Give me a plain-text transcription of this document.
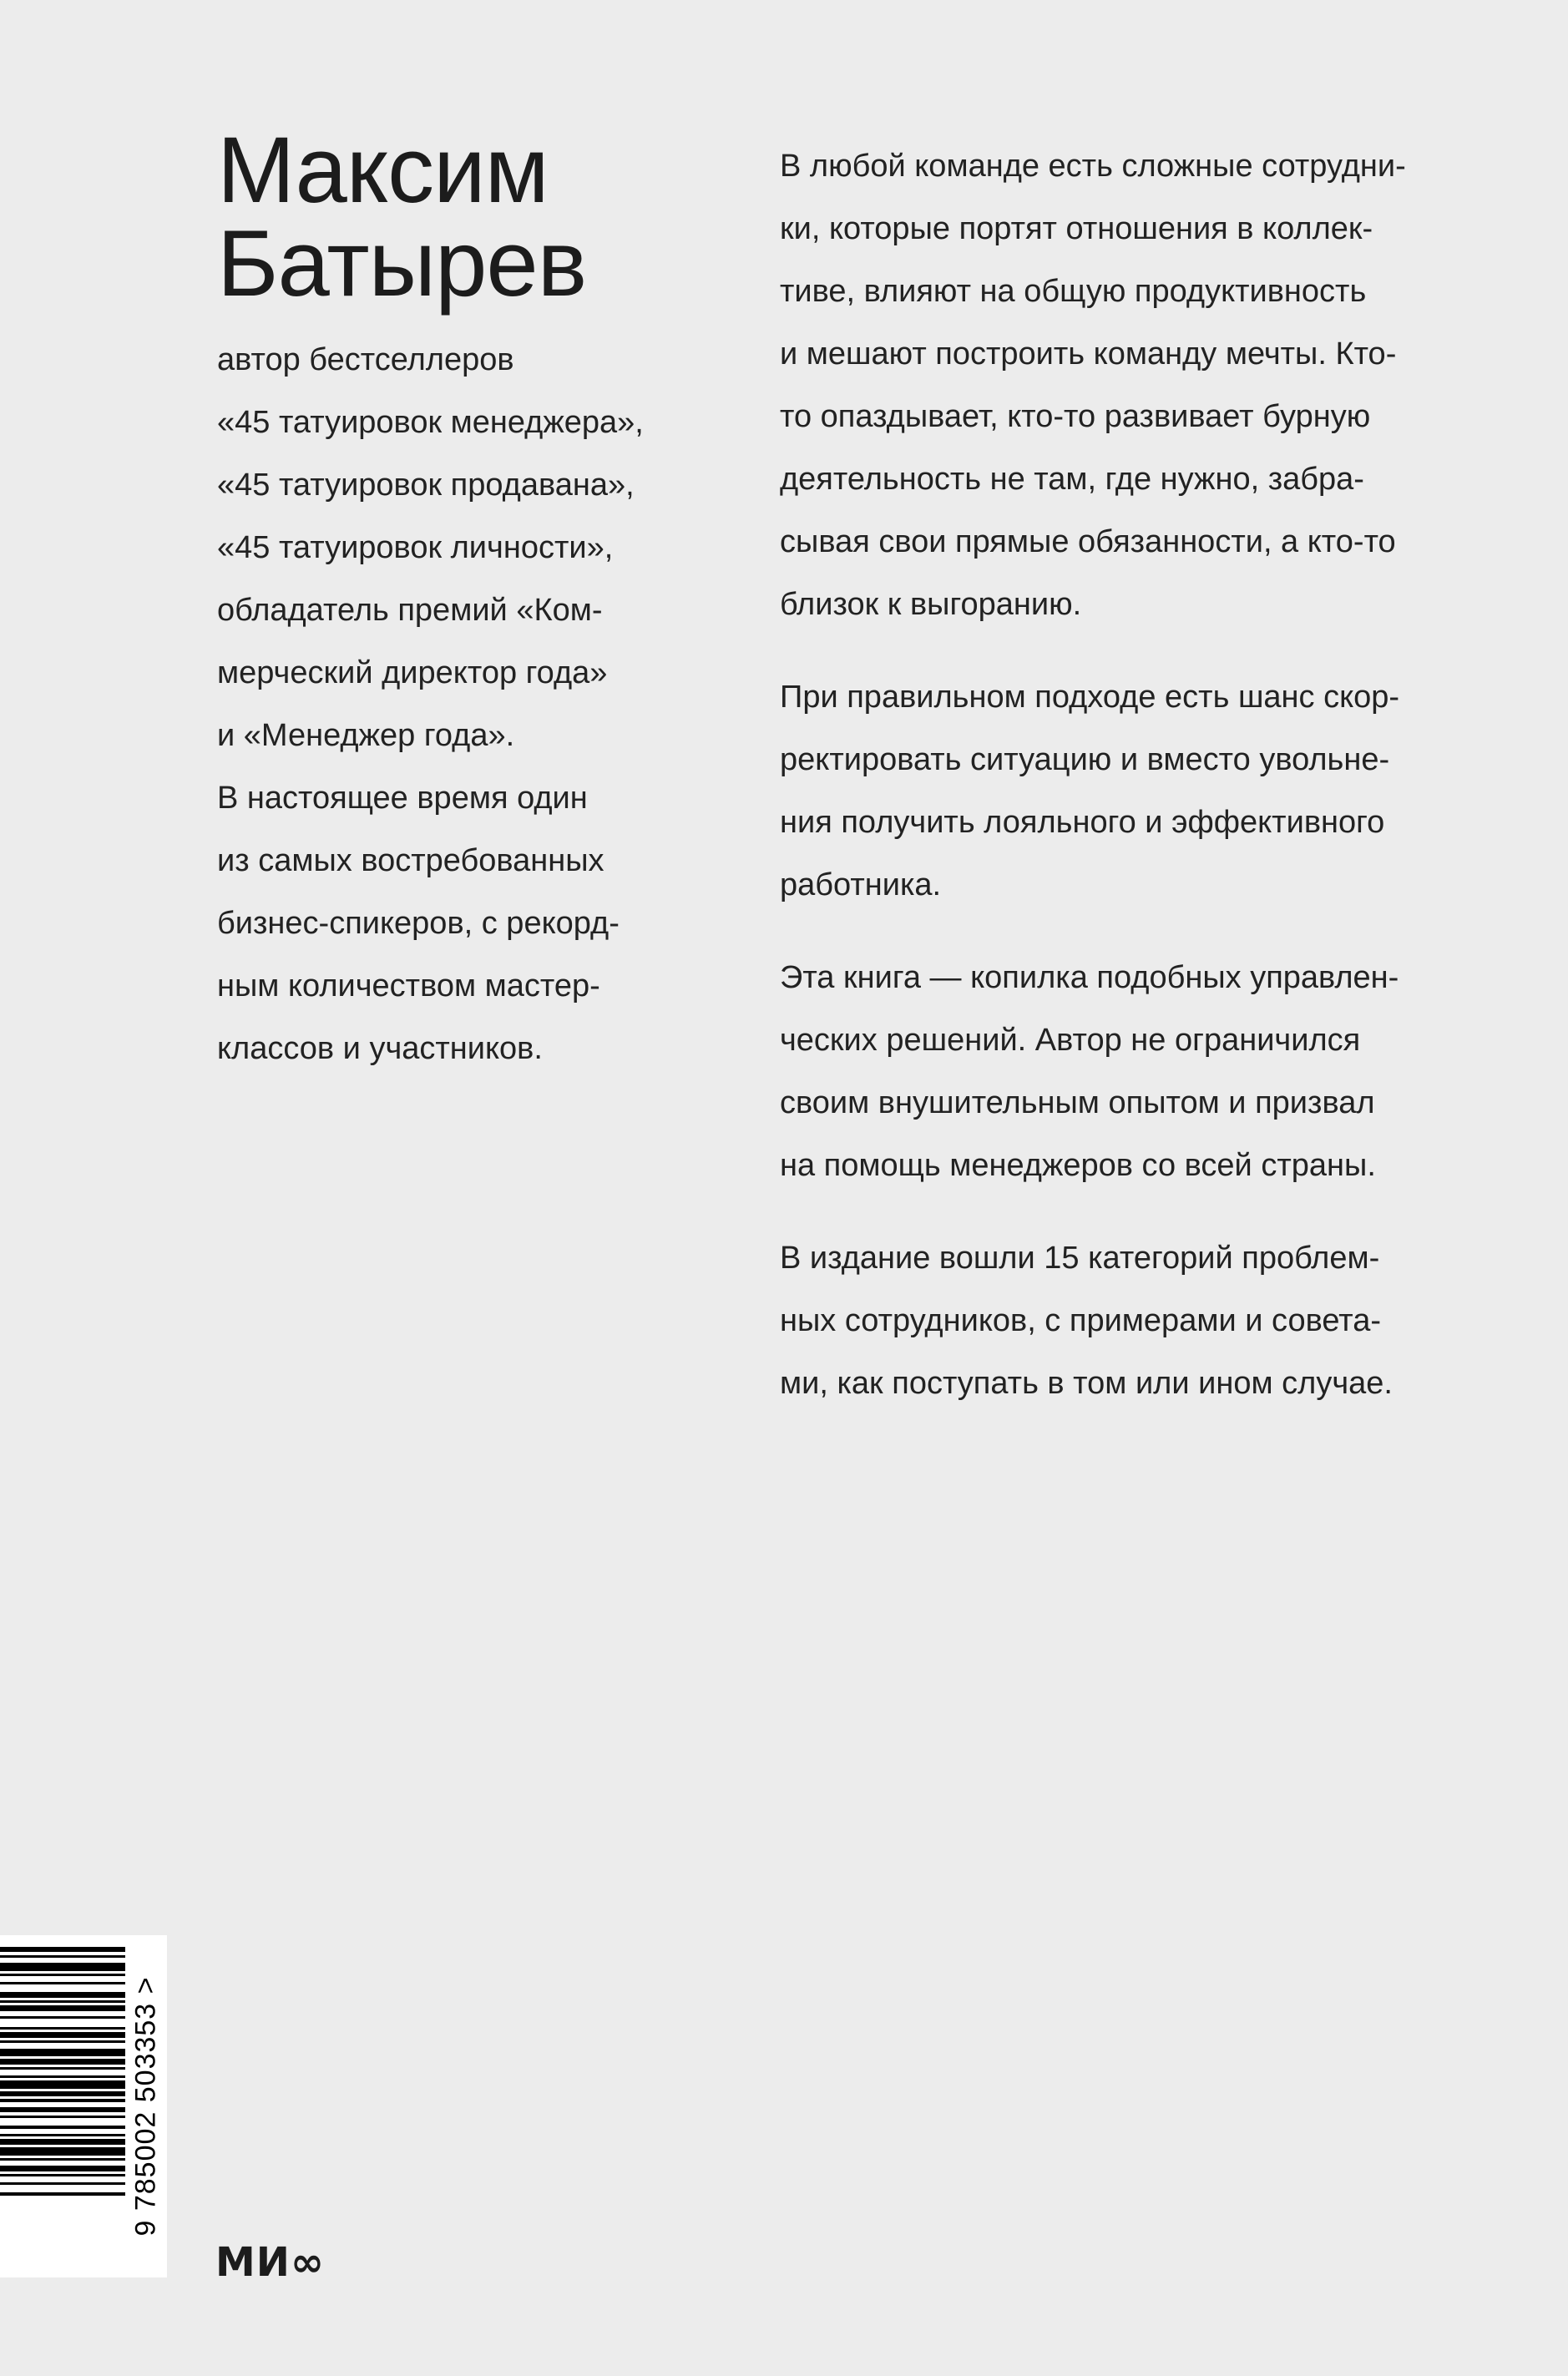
Максим
Батырев
автор бестселлеров
«45 татуировок менеджера»,
«45 татуировок продавана»,
«45 татуировок личности»,
обладатель премий «Ком-
мерческий директор года»
и «Менеджер года».
В настоящее время один
из самых востребованных
бизнес-спикеров, с рекорд-
ным количеством мастер-
классов и участников.

В любой команде есть сложные сотрудни-
ки, которые портят отношения в коллек-
тиве, влияют на общую продуктивность
и мешают построить команду мечты. Кто-
то опаздывает, кто-то развивает бурную
деятельность не там, где нужно, забра-
сывая свои прямые обязанности, а кто-то
близок к выгоранию.

При правильном подходе есть шанс скор-
ректировать ситуацию и вместо увольне-
ния получить лояльного и эффективного
работника.

Эта книга — копилка подобных управлен-
ческих решений. Автор не ограничился
своим внушительным опытом и призвал
на помощь менеджеров со всей страны.

В издание вошли 15 категорий проблем-
ных сотрудников, с примерами и совета-
ми, как поступать в том или ином случае.

9 785002 503353 >
МИ∞
